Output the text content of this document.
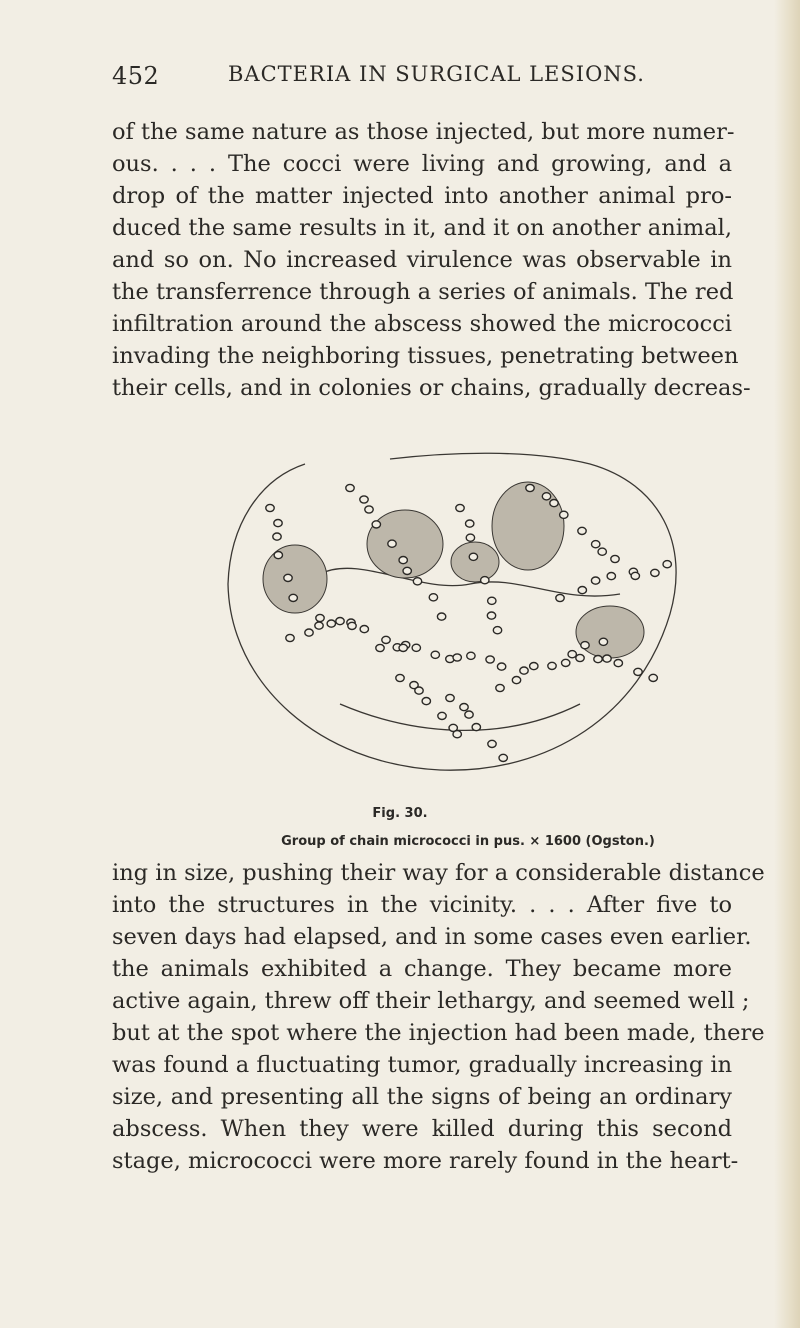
452	BACTERIA IN SURGICAL LESIONS.

of the same nature as those injected, but more numer-
ous. . . . The cocci were living and growing, and a
drop of the matter injected into another animal pro-
duced the same results in it, and it on another animal,
and so on. No increased virulence was observable in
the transferrence through a series of animals. The red
infiltration around the abscess showed the micrococci
invading the neighboring tissues, penetrating between
their cells, and in colonies or chains, gradually decreas-

Fig. 30.
Group of chain micrococci in pus. × 1600 (Ogston.)

ing in size, pushing their way for a considerable distance
into the structures in the vicinity. . . . After five to
seven days had elapsed, and in some cases even earlier.
the animals exhibited a change. They became more
active again, threw off their lethargy, and seemed well ;
but at the spot where the injection had been made, there
was found a fluctuating tumor, gradually increasing in
size, and presenting all the signs of being an ordinary
abscess. When they were killed during this second
stage, micrococci were more rarely found in the heart-
